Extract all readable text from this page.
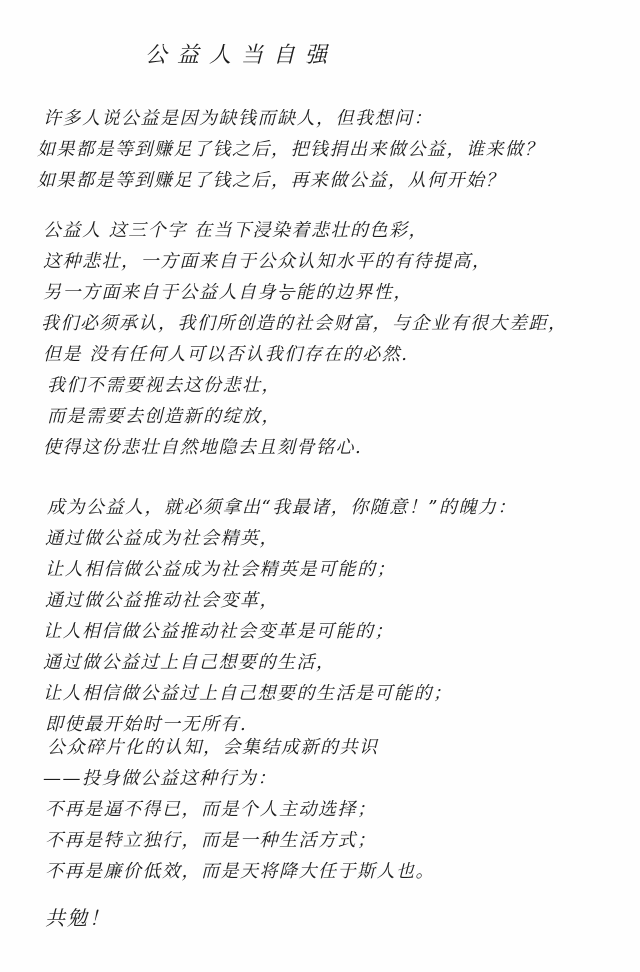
公益人当自强
许多人说公益是因为缺钱而缺人，但我想问：
如果都是等到赚足了钱之后，把钱捐出来做公益，谁来做？
如果都是等到赚足了钱之后，再来做公益，从何开始？
公益人 这三个字 在当下浸染着悲壮的色彩，
这种悲壮，一方面来自于公众认知水平的有待提高，
另一方面来自于公益人自身능能的边界性，
我们必须承认，我们所创造的社会财富，与企业有很大差距，
但是 没有任何人可以否认我们存在的必然.
我们不需要视去这份悲壮，
而是需要去创造新的绽放，
使得这份悲壮自然地隐去且刻骨铭心.
成为公益人，就必须拿出“我最诸，你随意！”的魄力：
通过做公益成为社会精英，
让人相信做公益成为社会精英是可能的；
通过做公益推动社会变革，
让人相信做公益推动社会变革是可能的；
通过做公益过上自己想要的生活，
让人相信做公益过上自己想要的生活是可能的；
即使最开始时一无所有.
公众碎片化的认知，会集结成新的共识
——投身做公益这种行为：
不再是逼不得已，而是个人主动选择；
不再是特立独行，而是一种生活方式；
不再是廉价低效，而是天将降大任于斯人也。
共勉！
